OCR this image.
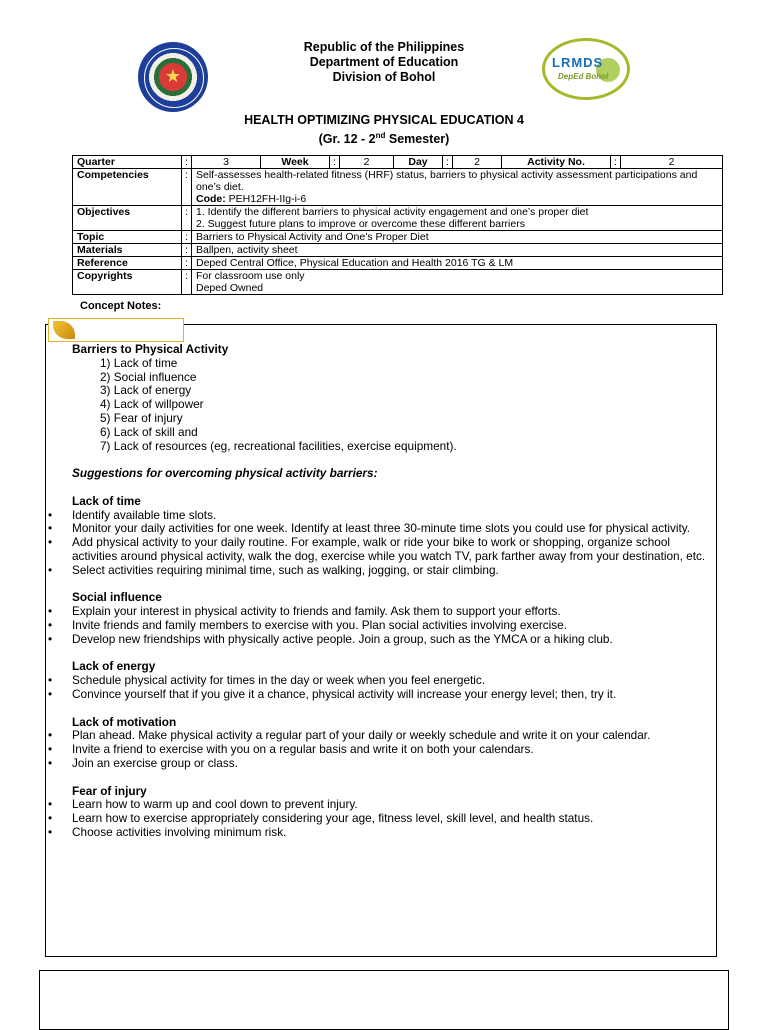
★
LRMDS
DepEd Bohol
Republic of the Philippines
Department of Education
Division of Bohol
HEALTH OPTIMIZING PHYSICAL EDUCATION 4
(Gr. 12 - 2nd Semester)
Quarter	:	3	Week	:	2	Day	:	2	Activity No.	:	2
Competencies	:	Self-assesses health-related fitness (HRF) status, barriers to physical activity assessment participations and one’s diet.
Code: PEH12FH-IIg-i-6									
Objectives	:	1. Identify the different barriers to physical activity engagement and one’s proper diet
2. Suggest future plans to improve or overcome these different barriers									
Topic	:	Barriers to Physical Activity and One’s Proper Diet									
Materials	:	Ballpen, activity sheet									
Reference	:	Deped Central Office, Physical Education and Health 2016 TG & LM									
Copyrights	:	For classroom use only
Deped Owned									
Concept Notes:
Barriers to Physical Activity
1) Lack of time
2) Social influence
3) Lack of energy
4) Lack of willpower
5) Fear of injury
6) Lack of skill and
7) Lack of resources (eg, recreational facilities, exercise equipment).
Suggestions for overcoming physical activity barriers:
Lack of time
• Identify available time slots.
• Monitor your daily activities for one week. Identify at least three 30-minute time slots you could use for physical activity.
• Add physical activity to your daily routine. For example, walk or ride your bike to work or shopping, organize school activities around physical activity, walk the dog, exercise while you watch TV, park farther away from your destination, etc.
• Select activities requiring minimal time, such as walking, jogging, or stair climbing.
Social influence
• Explain your interest in physical activity to friends and family. Ask them to support your efforts.
• Invite friends and family members to exercise with you. Plan social activities involving exercise.
• Develop new friendships with physically active people. Join a group, such as the YMCA or a hiking club.
Lack of energy
• Schedule physical activity for times in the day or week when you feel energetic.
• Convince yourself that if you give it a chance, physical activity will increase your energy level; then, try it.
Lack of motivation
• Plan ahead. Make physical activity a regular part of your daily or weekly schedule and write it on your calendar.
• Invite a friend to exercise with you on a regular basis and write it on both your calendars.
• Join an exercise group or class.
Fear of injury
• Learn how to warm up and cool down to prevent injury.
• Learn how to exercise appropriately considering your age, fitness level, skill level, and health status.
• Choose activities involving minimum risk.
